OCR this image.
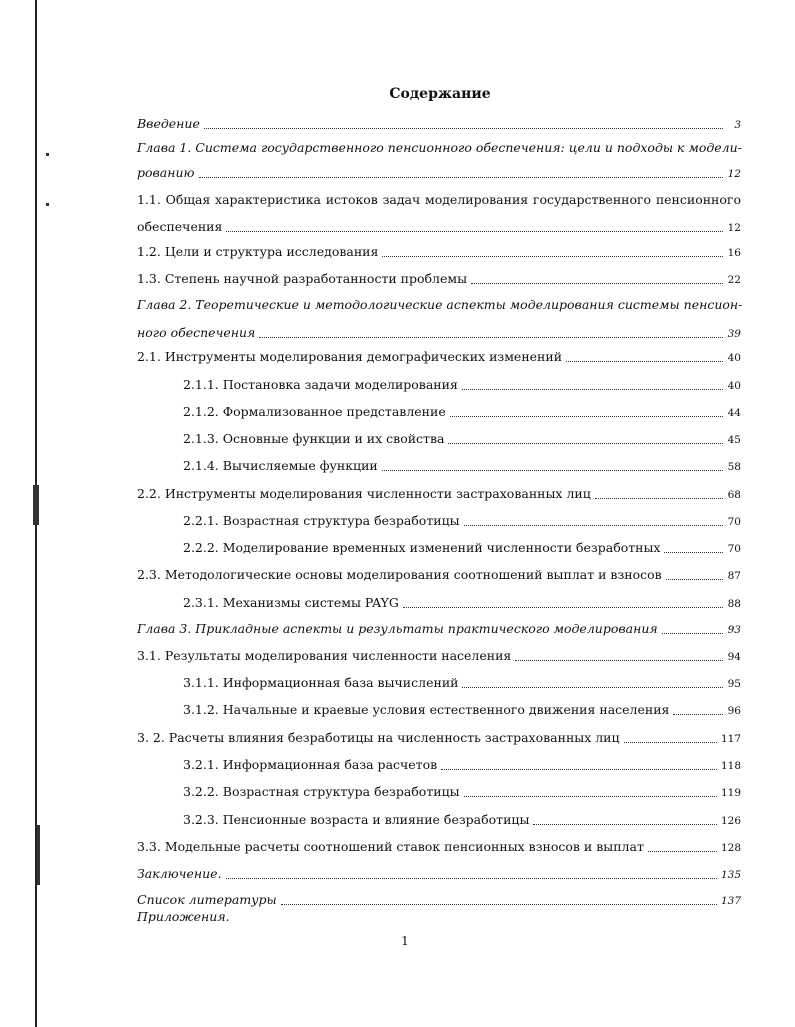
Содержание
Введение	3
Глава 1. Система государственного пенсионного обеспечения: цели и подходы к модели-
рованию	12
1.1. Общая характеристика истоков задач моделирования государственного пенсионного
обеспечения	12
1.2. Цели и структура исследования	16
1.3. Степень научной разработанности проблемы	22
Глава 2. Теоретические и методологические аспекты моделирования системы пенсион-
ного обеспечения	39
2.1. Инструменты моделирования демографических изменений	40
2.1.1. Постановка задачи моделирования	40
2.1.2. Формализованное представление	44
2.1.3. Основные функции и их свойства	45
2.1.4. Вычисляемые функции	58
2.2. Инструменты моделирования численности застрахованных лиц	68
2.2.1. Возрастная структура безработицы	70
2.2.2. Моделирование временных изменений численности безработных	70
2.3. Методологические основы моделирования соотношений выплат и взносов	87
2.3.1. Механизмы системы PAYG	88
Глава 3. Прикладные аспекты и результаты практического моделирования	93
3.1. Результаты моделирования численности населения	94
3.1.1. Информационная база вычислений	95
3.1.2. Начальные и краевые условия естественного движения населения	96
3. 2. Расчеты влияния безработицы на численность застрахованных лиц	117
3.2.1. Информационная база расчетов	118
3.2.2. Возрастная структура безработицы	119
3.2.3. Пенсионные возраста и влияние безработицы	126
3.3. Модельные расчеты соотношений ставок пенсионных взносов и выплат	128
Заключение.	135
Список литературы	137
Приложения.
1
